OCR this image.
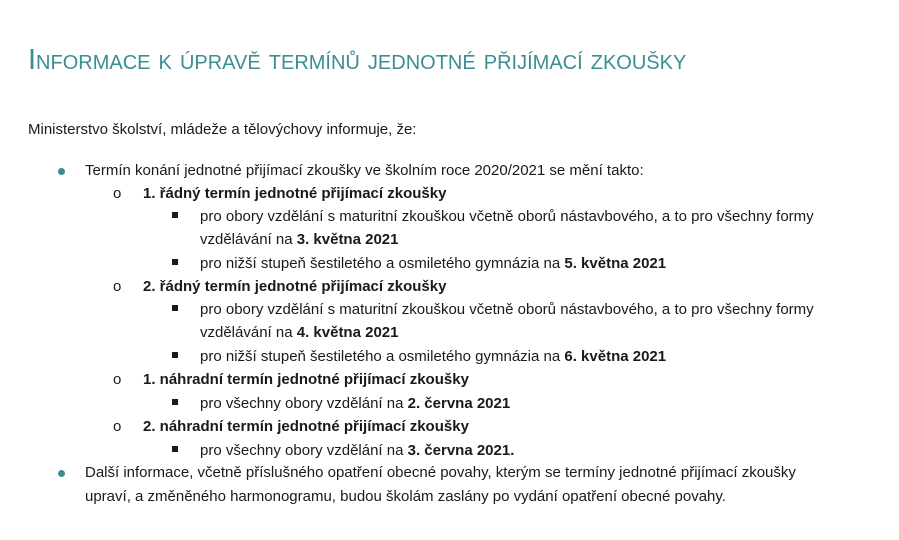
Informace k úpravě termínů jednotné přijímací zkoušky
Ministerstvo školství, mládeže a tělovýchovy informuje, že:
Termín konání jednotné přijímací zkoušky ve školním roce 2020/2021 se mění takto:
o 1. řádný termín jednotné přijímací zkoušky
pro obory vzdělání s maturitní zkouškou včetně oborů nástavbového, a to pro všechny formy
vzdělávání na 3. května 2021
pro nižší stupeň šestiletého a osmiletého gymnázia na 5. května 2021
o 2. řádný termín jednotné přijímací zkoušky
pro obory vzdělání s maturitní zkouškou včetně oborů nástavbového, a to pro všechny formy
vzdělávání na 4. května 2021
pro nižší stupeň šestiletého a osmiletého gymnázia na 6. května 2021
o 1. náhradní termín jednotné přijímací zkoušky
pro všechny obory vzdělání na 2. června 2021
o 2. náhradní termín jednotné přijímací zkoušky
pro všechny obory vzdělání na 3. června 2021.
Další informace, včetně příslušného opatření obecné povahy, kterým se termíny jednotné přijímací zkoušky
upraví, a změněného harmonogramu, budou školám zaslány po vydání opatření obecné povahy.
